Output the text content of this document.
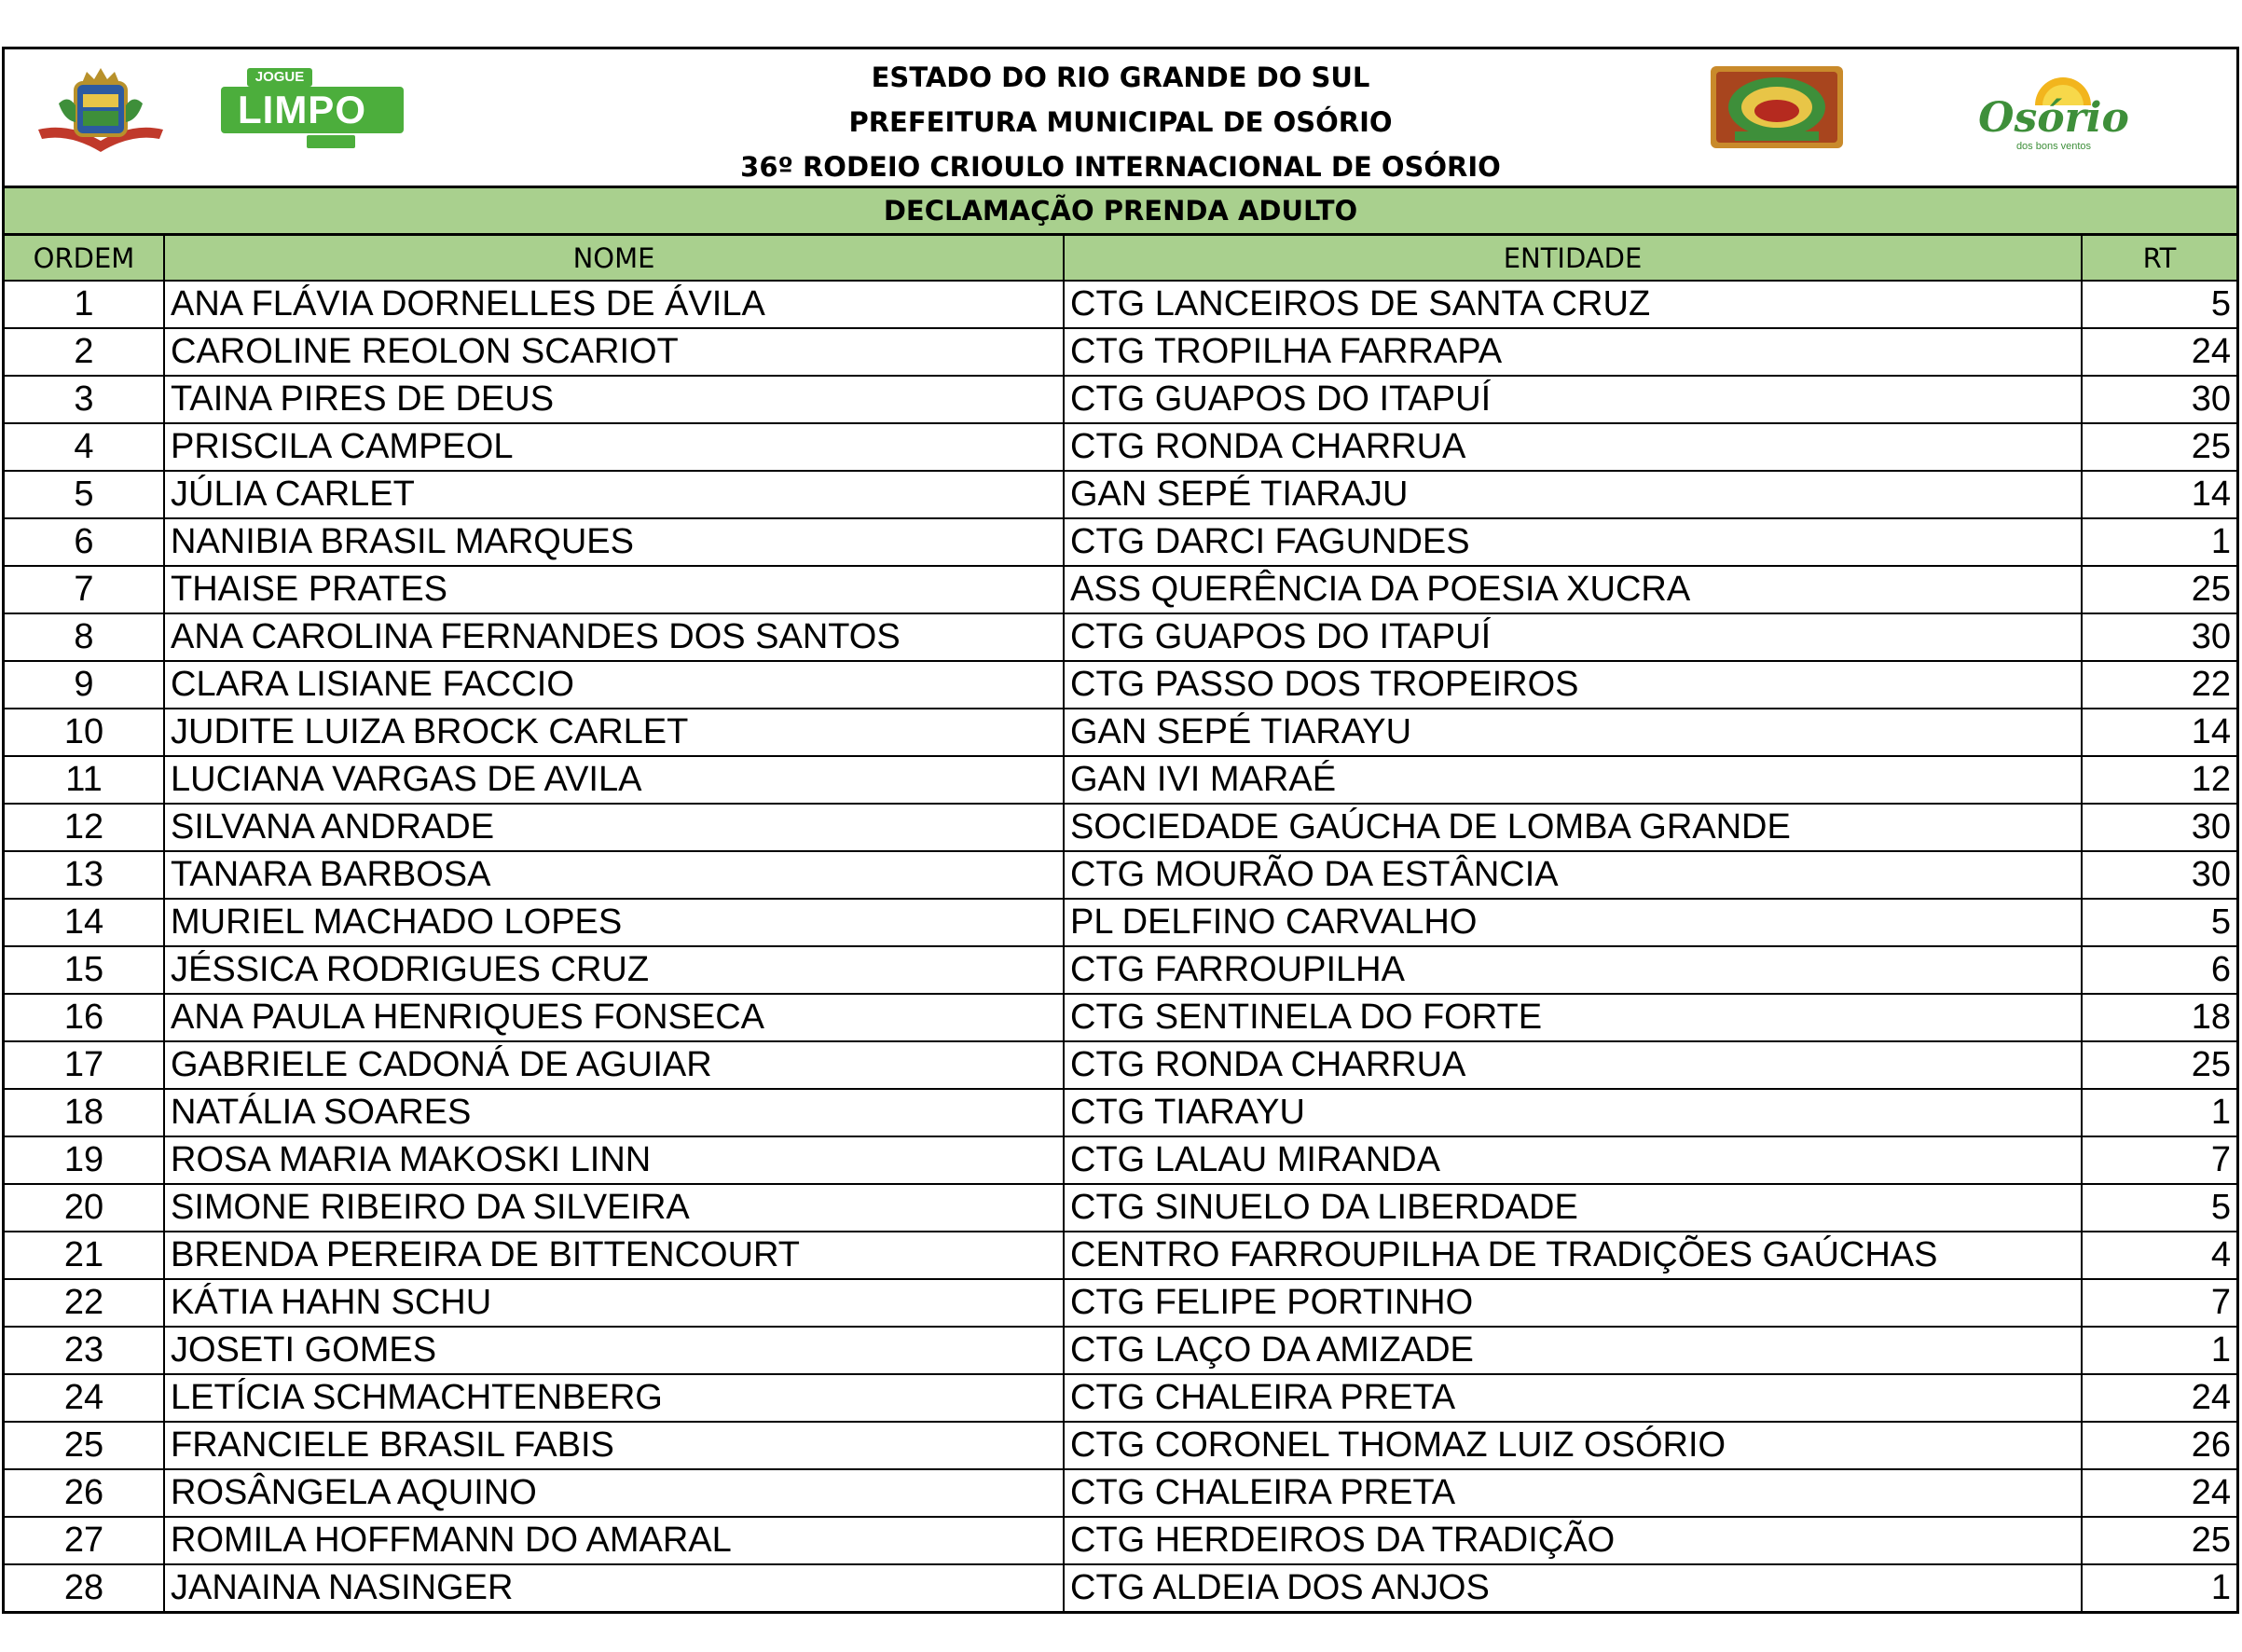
JOGUE
LIMPO
ESTADO DO RIO GRANDE DO SUL
PREFEITURA MUNICIPAL DE OSÓRIO
36º RODEIO CRIOULO INTERNACIONAL DE OSÓRIO
Osório
dos bons ventos
DECLAMAÇÃO PRENDA ADULTO
ORDEM	NOME	ENTIDADE	RT
1	ANA FLÁVIA DORNELLES DE ÁVILA	CTG LANCEIROS DE SANTA CRUZ	5
2	CAROLINE REOLON SCARIOT	CTG TROPILHA FARRAPA	24
3	TAINA PIRES DE DEUS	CTG GUAPOS DO ITAPUÍ	30
4	PRISCILA CAMPEOL	CTG RONDA CHARRUA	25
5	JÚLIA CARLET	GAN SEPÉ TIARAJU	14
6	NANIBIA BRASIL MARQUES	CTG DARCI FAGUNDES	1
7	THAISE PRATES	ASS QUERÊNCIA DA POESIA XUCRA	25
8	ANA CAROLINA FERNANDES DOS SANTOS	CTG GUAPOS DO ITAPUÍ	30
9	CLARA LISIANE FACCIO	CTG PASSO DOS TROPEIROS	22
10	JUDITE LUIZA BROCK CARLET	GAN SEPÉ TIARAYU	14
11	LUCIANA VARGAS DE AVILA	GAN IVI MARAÉ	12
12	SILVANA ANDRADE	SOCIEDADE GAÚCHA DE LOMBA GRANDE	30
13	TANARA BARBOSA	CTG MOURÃO DA ESTÂNCIA	30
14	MURIEL MACHADO LOPES	PL DELFINO CARVALHO	5
15	JÉSSICA RODRIGUES CRUZ	CTG FARROUPILHA	6
16	ANA PAULA HENRIQUES FONSECA	CTG SENTINELA DO FORTE	18
17	GABRIELE CADONÁ DE AGUIAR	CTG RONDA CHARRUA	25
18	NATÁLIA SOARES	CTG TIARAYU	1
19	ROSA MARIA MAKOSKI LINN	CTG LALAU MIRANDA	7
20	SIMONE RIBEIRO DA SILVEIRA	CTG SINUELO DA LIBERDADE	5
21	BRENDA PEREIRA DE BITTENCOURT	CENTRO FARROUPILHA DE TRADIÇÕES GAÚCHAS	4
22	KÁTIA HAHN SCHU	CTG FELIPE PORTINHO	7
23	JOSETI GOMES	CTG LAÇO DA AMIZADE	1
24	LETÍCIA SCHMACHTENBERG	CTG CHALEIRA PRETA	24
25	FRANCIELE BRASIL FABIS	CTG CORONEL THOMAZ LUIZ OSÓRIO	26
26	ROSÂNGELA AQUINO	CTG CHALEIRA PRETA	24
27	ROMILA HOFFMANN DO AMARAL	CTG HERDEIROS DA TRADIÇÃO	25
28	JANAINA NASINGER	CTG ALDEIA DOS ANJOS	1
